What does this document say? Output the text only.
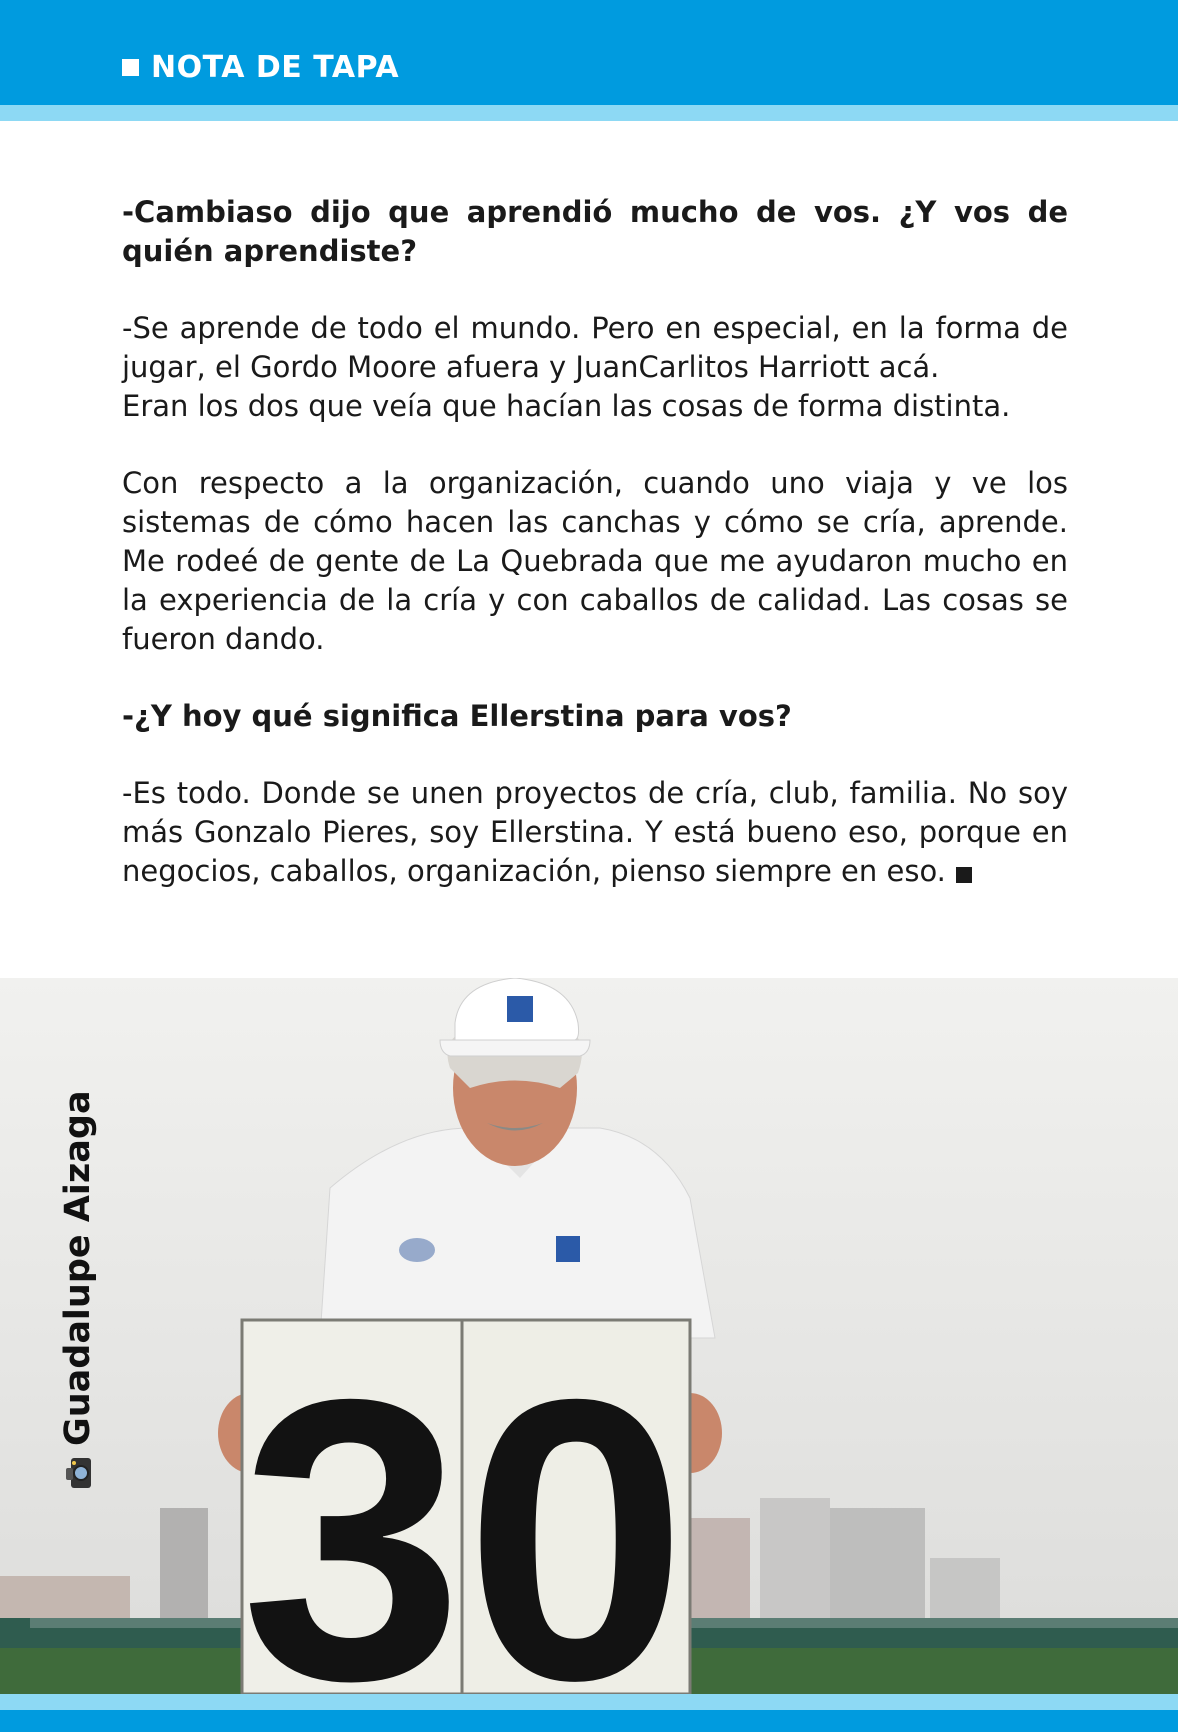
NOTA DE TAPA

-Cambiaso dijo que aprendió mucho de vos. ¿Y vos de quién aprendiste?

-Se aprende de todo el mundo. Pero en especial, en la forma de jugar, el Gordo Moore afuera y JuanCarlitos Harriott acá.

Eran los dos que veía que hacían las cosas de forma distinta.

Con respecto a la organización, cuando uno viaja y ve los sistemas de cómo hacen las canchas y cómo se cría, aprende. Me rodeé de gente de La Quebrada que me ayudaron mucho en la experiencia de la cría y con caballos de calidad. Las cosas se fueron dando.

-¿Y hoy qué significa Ellerstina para vos?

-Es todo. Donde se unen proyectos de cría, club, familia. No soy más Gonzalo Pieres, soy Ellerstina. Y está bueno eso, porque en negocios, caballos, organización, pienso siempre en eso.

3 0
Guadalupe Aizaga
